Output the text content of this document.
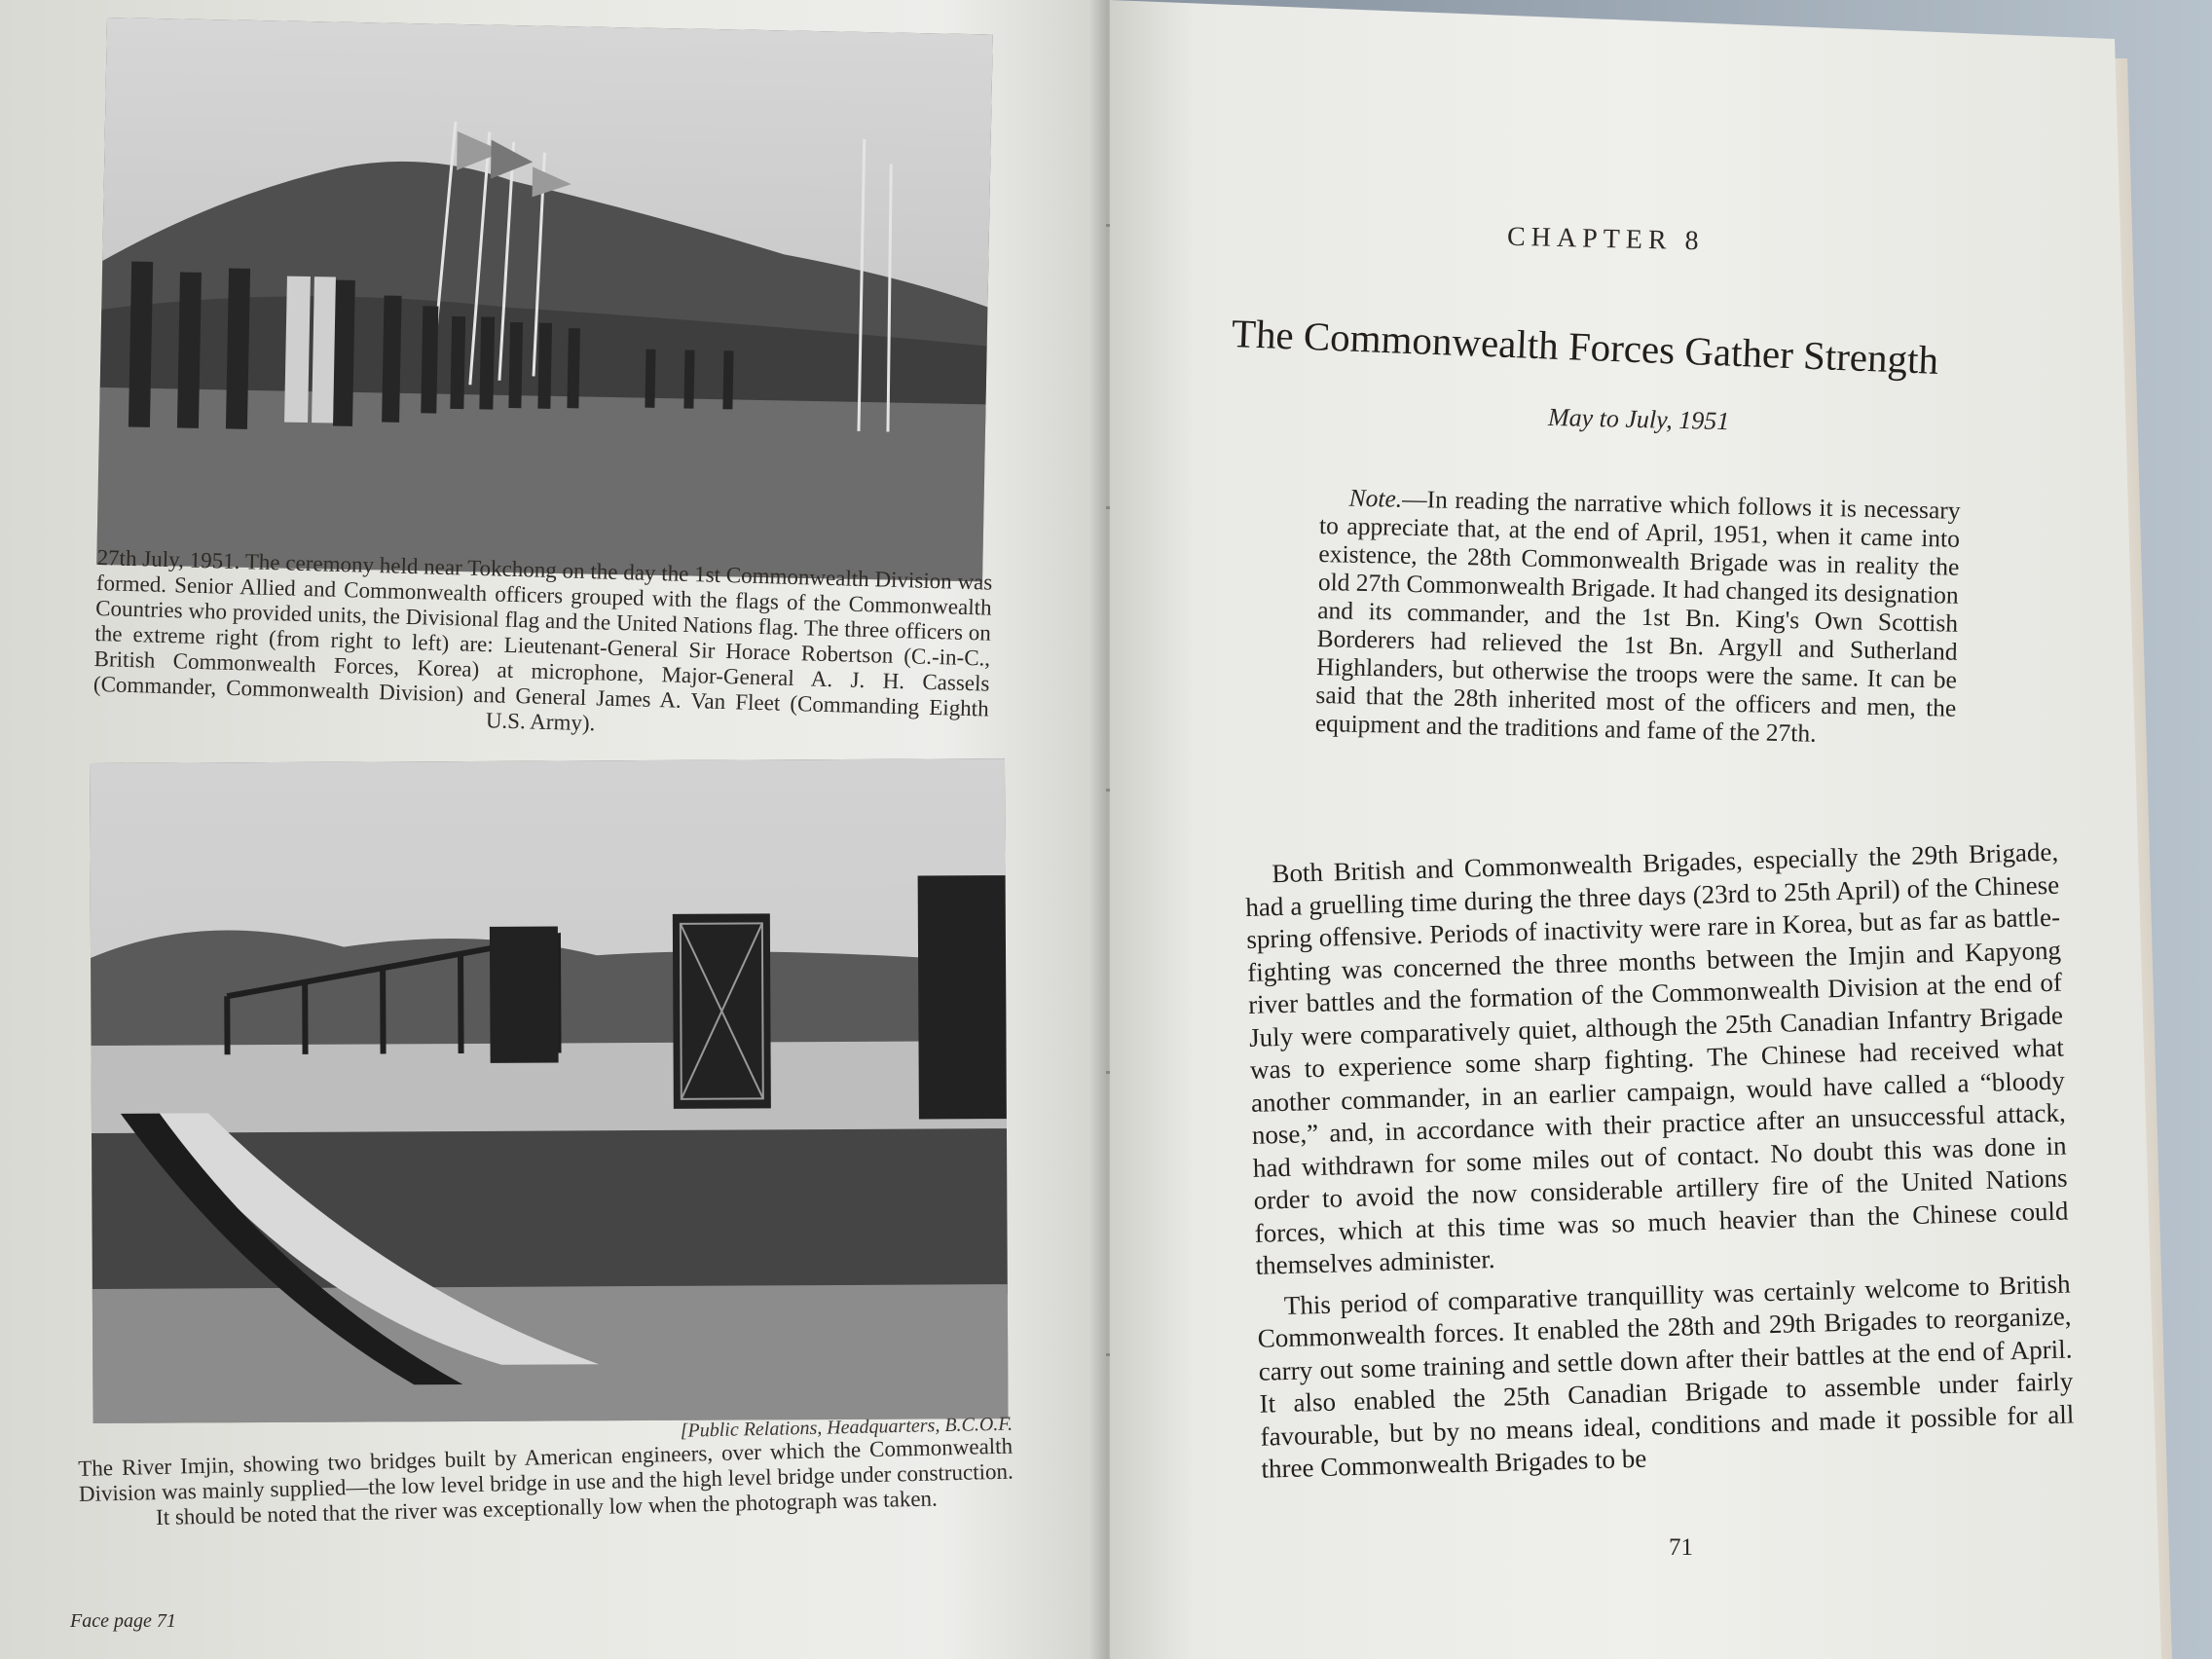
27th July, 1951. The ceremony held near Tokchong on the day the 1st Commonwealth Division was formed. Senior Allied and Commonwealth officers grouped with the flags of the Commonwealth Countries who provided units, the Divisional flag and the United Nations flag. The three officers on the extreme right (from right to left) are: Lieutenant-General Sir Horace Robertson (C.-in-C., British Commonwealth Forces, Korea) at microphone, Major-General A. J. H. Cassels (Commander, Commonwealth Division) and General James A. Van Fleet (Commanding Eighth U.S. Army).
[Public Relations, Headquarters, B.C.O.F.
The River Imjin, showing two bridges built by American engineers, over which the Commonwealth Division was mainly supplied—the low level bridge in use and the high level bridge under construction. It should be noted that the river was exceptionally low when the photograph was taken.
Face page 71
CHAPTER 8
The Commonwealth Forces Gather Strength
May to July, 1951
Note.—In reading the narrative which follows it is necessary to appreciate that, at the end of April, 1951, when it came into existence, the 28th Commonwealth Brigade was in reality the old 27th Commonwealth Brigade. It had changed its designation and its commander, and the 1st Bn. King's Own Scottish Borderers had relieved the 1st Bn. Argyll and Sutherland Highlanders, but otherwise the troops were the same. It can be said that the 28th inherited most of the officers and men, the equipment and the traditions and fame of the 27th.

Both British and Commonwealth Brigades, especially the 29th Brigade, had a gruelling time during the three days (23rd to 25th April) of the Chinese spring offensive. Periods of inactivity were rare in Korea, but as far as battle-fighting was concerned the three months between the Imjin and Kapyong river battles and the formation of the Commonwealth Division at the end of July were comparatively quiet, although the 25th Canadian Infantry Brigade was to experience some sharp fighting. The Chinese had received what another commander, in an earlier campaign, would have called a “bloody nose,” and, in accordance with their practice after an unsuccessful attack, had withdrawn for some miles out of contact. No doubt this was done in order to avoid the now considerable artillery fire of the United Nations forces, which at this time was so much heavier than the Chinese could themselves administer.

This period of comparative tranquillity was certainly welcome to British Commonwealth forces. It enabled the 28th and 29th Brigades to reorganize, carry out some training and settle down after their battles at the end of April. It also enabled the 25th Canadian Brigade to assemble under fairly favourable, but by no means ideal, conditions and made it possible for all three Commonwealth Brigades to be

71
